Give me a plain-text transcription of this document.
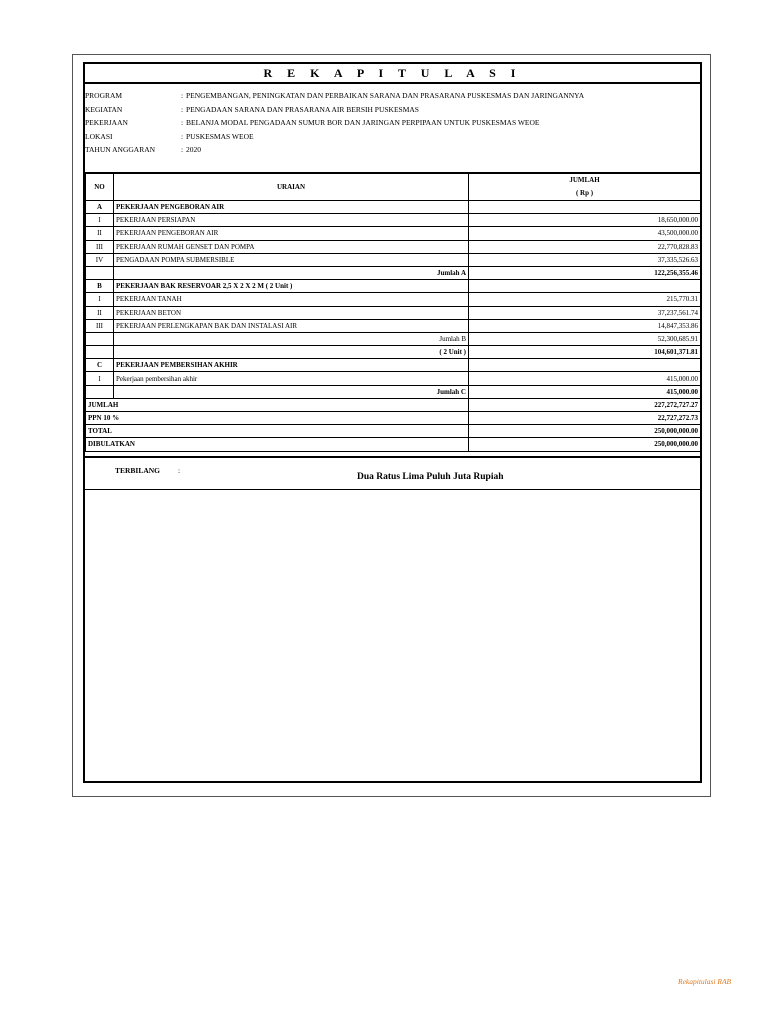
R E K A P I T U L A S I
PROGRAM	: PENGEMBANGAN, PENINGKATAN DAN PERBAIKAN SARANA DAN PRASARANA PUSKESMAS DAN JARINGANNYA
KEGIATAN	: PENGADAAN SARANA DAN PRASARANA AIR BERSIH PUSKESMAS
PEKERJAAN	: BELANJA MODAL PENGADAAN SUMUR BOR DAN JARINGAN PERPIPAAN UNTUK PUSKESMAS WEOE
LOKASI	: PUSKESMAS WEOE
TAHUN ANGGARAN	: 2020
NO	URAIAN	JUMLAH
( Rp )

A	PEKERJAAN PENGEBORAN AIR	
I	PEKERJAAN PERSIAPAN	18,650,000.00
II	PEKERJAAN PENGEBORAN AIR	43,500,000.00
III	PEKERJAAN RUMAH GENSET DAN POMPA	22,770,828.83
IV	PENGADAAN POMPA SUBMERSIBLE	37,335,526.63
	Jumlah A	122,256,355.46
B	PEKERJAAN BAK RESERVOAR 2,5 X 2 X 2 M ( 2 Unit )	
I	PEKERJAAN TANAH	215,770.31
II	PEKERJAAN BETON	37,237,561.74
III	PEKERJAAN PERLENGKAPAN BAK DAN INSTALASI AIR	14,847,353.86
	Jumlah B	52,300,685.91
	( 2 Unit )	104,601,371.81
C	PEKERJAAN PEMBERSIHAN AKHIR	
I	Pekerjaan pembersihan akhir	415,000.00
	Jumlah C	415,000.00
JUMLAH		227,272,727.27
PPN 10 %		22,727,272.73
TOTAL		250,000,000.00
DIBULATKAN		250,000,000.00
TERBILANG :
Dua Ratus Lima Puluh Juta Rupiah
Rekapitulasi RAB
